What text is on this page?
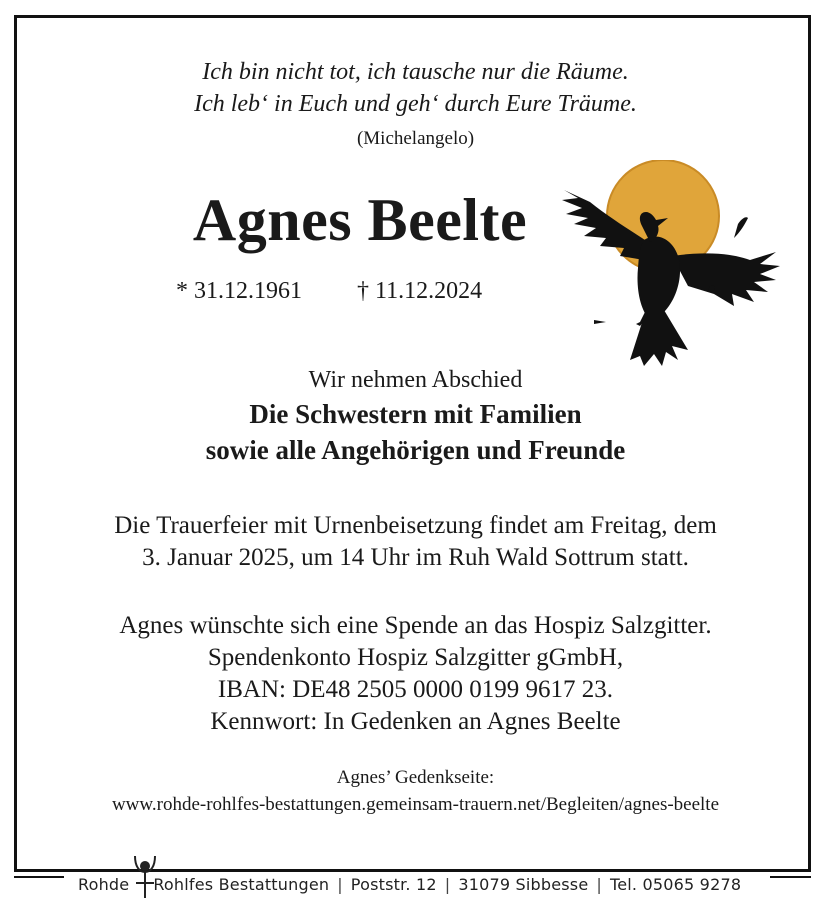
Ich bin nicht tot, ich tausche nur die Räume.
Ich leb‘ in Euch und geh‘ durch Eure Träume.
(Michelangelo)
Agnes Beelte
* 31.12.1961 † 11.12.2024
Wir nehmen Abschied
Die Schwestern mit Familien
sowie alle Angehörigen und Freunde
Die Trauerfeier mit Urnenbeisetzung findet am Freitag, dem
3. Januar 2025, um 14 Uhr im Ruh Wald Sottrum statt.
Agnes wünschte sich eine Spende an das Hospiz Salzgitter.
Spendenkonto Hospiz Salzgitter gGmbH,
IBAN: DE48 2505 0000 0199 9617 23.
Kennwort: In Gedenken an Agnes Beelte
Agnes’ Gedenkseite:
www.rohde-rohlfes-bestattungen.gemeinsam-trauern.net/Begleiten/agnes-beelte
Rohde Rohlfes Bestattungen | Poststr. 12 | 31079 Sibbesse | Tel. 05065 9278
